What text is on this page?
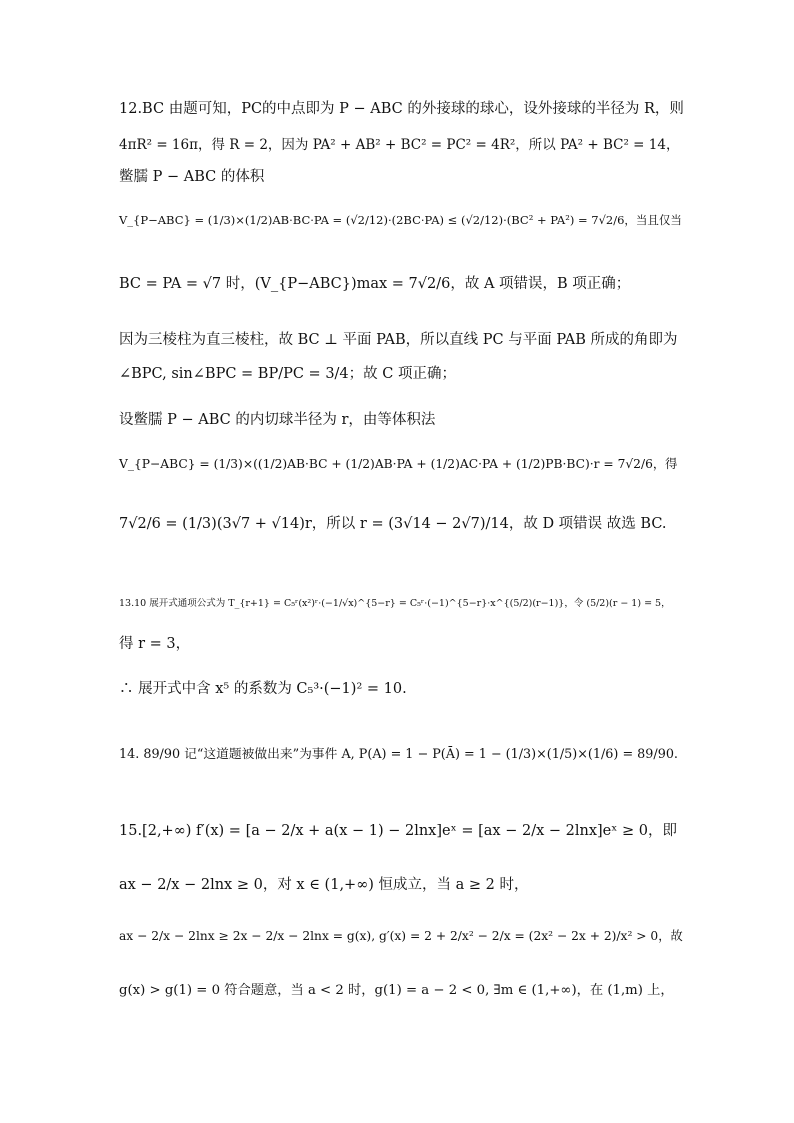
12.BC 由题可知，PC的中点即为 P − ABC 的外接球的球心，设外接球的半径为 R，则
4πR² = 16π，得 R = 2，因为 PA² + AB² + BC² = PC² = 4R²，所以 PA² + BC² = 14，
鳖臑 P − ABC 的体积
V_{P−ABC} = (1/3)×(1/2)AB·BC·PA = (√2/12)·(2BC·PA) ≤ (√2/12)·(BC² + PA²) = 7√2/6，当且仅当
BC = PA = √7 时，(V_{P−ABC})max = 7√2/6，故 A 项错误，B 项正确；
因为三棱柱为直三棱柱，故 BC ⊥ 平面 PAB，所以直线 PC 与平面 PAB 所成的角即为
∠BPC, sin∠BPC = BP/PC = 3/4；故 C 项正确；
设鳖臑 P − ABC 的内切球半径为 r，由等体积法
V_{P−ABC} = (1/3)×((1/2)AB·BC + (1/2)AB·PA + (1/2)AC·PA + (1/2)PB·BC)·r = 7√2/6，得
7√2/6 = (1/3)(3√7 + √14)r，所以 r = (3√14 − 2√7)/14，故 D 项错误 故选 BC.
13.10 展开式通项公式为 T_{r+1} = C₅ʳ(x²)ʳ·(−1/√x)^{5−r} = C₅ʳ·(−1)^{5−r}·x^{(5/2)(r−1)}，令 (5/2)(r − 1) = 5，
得 r = 3，
∴ 展开式中含 x⁵ 的系数为 C₅³·(−1)² = 10.
14. 89/90 记“这道题被做出来”为事件 A, P(A) = 1 − P(Ā) = 1 − (1/3)×(1/5)×(1/6) = 89/90.
15.[2,+∞) f′(x) = [a − 2/x + a(x − 1) − 2lnx]eˣ = [ax − 2/x − 2lnx]eˣ ≥ 0，即
ax − 2/x − 2lnx ≥ 0，对 x ∈ (1,+∞) 恒成立，当 a ≥ 2 时，
ax − 2/x − 2lnx ≥ 2x − 2/x − 2lnx = g(x), g′(x) = 2 + 2/x² − 2/x = (2x² − 2x + 2)/x² > 0，故
g(x) > g(1) = 0 符合题意，当 a < 2 时，g(1) = a − 2 < 0, ∃m ∈ (1,+∞)，在 (1,m) 上，
